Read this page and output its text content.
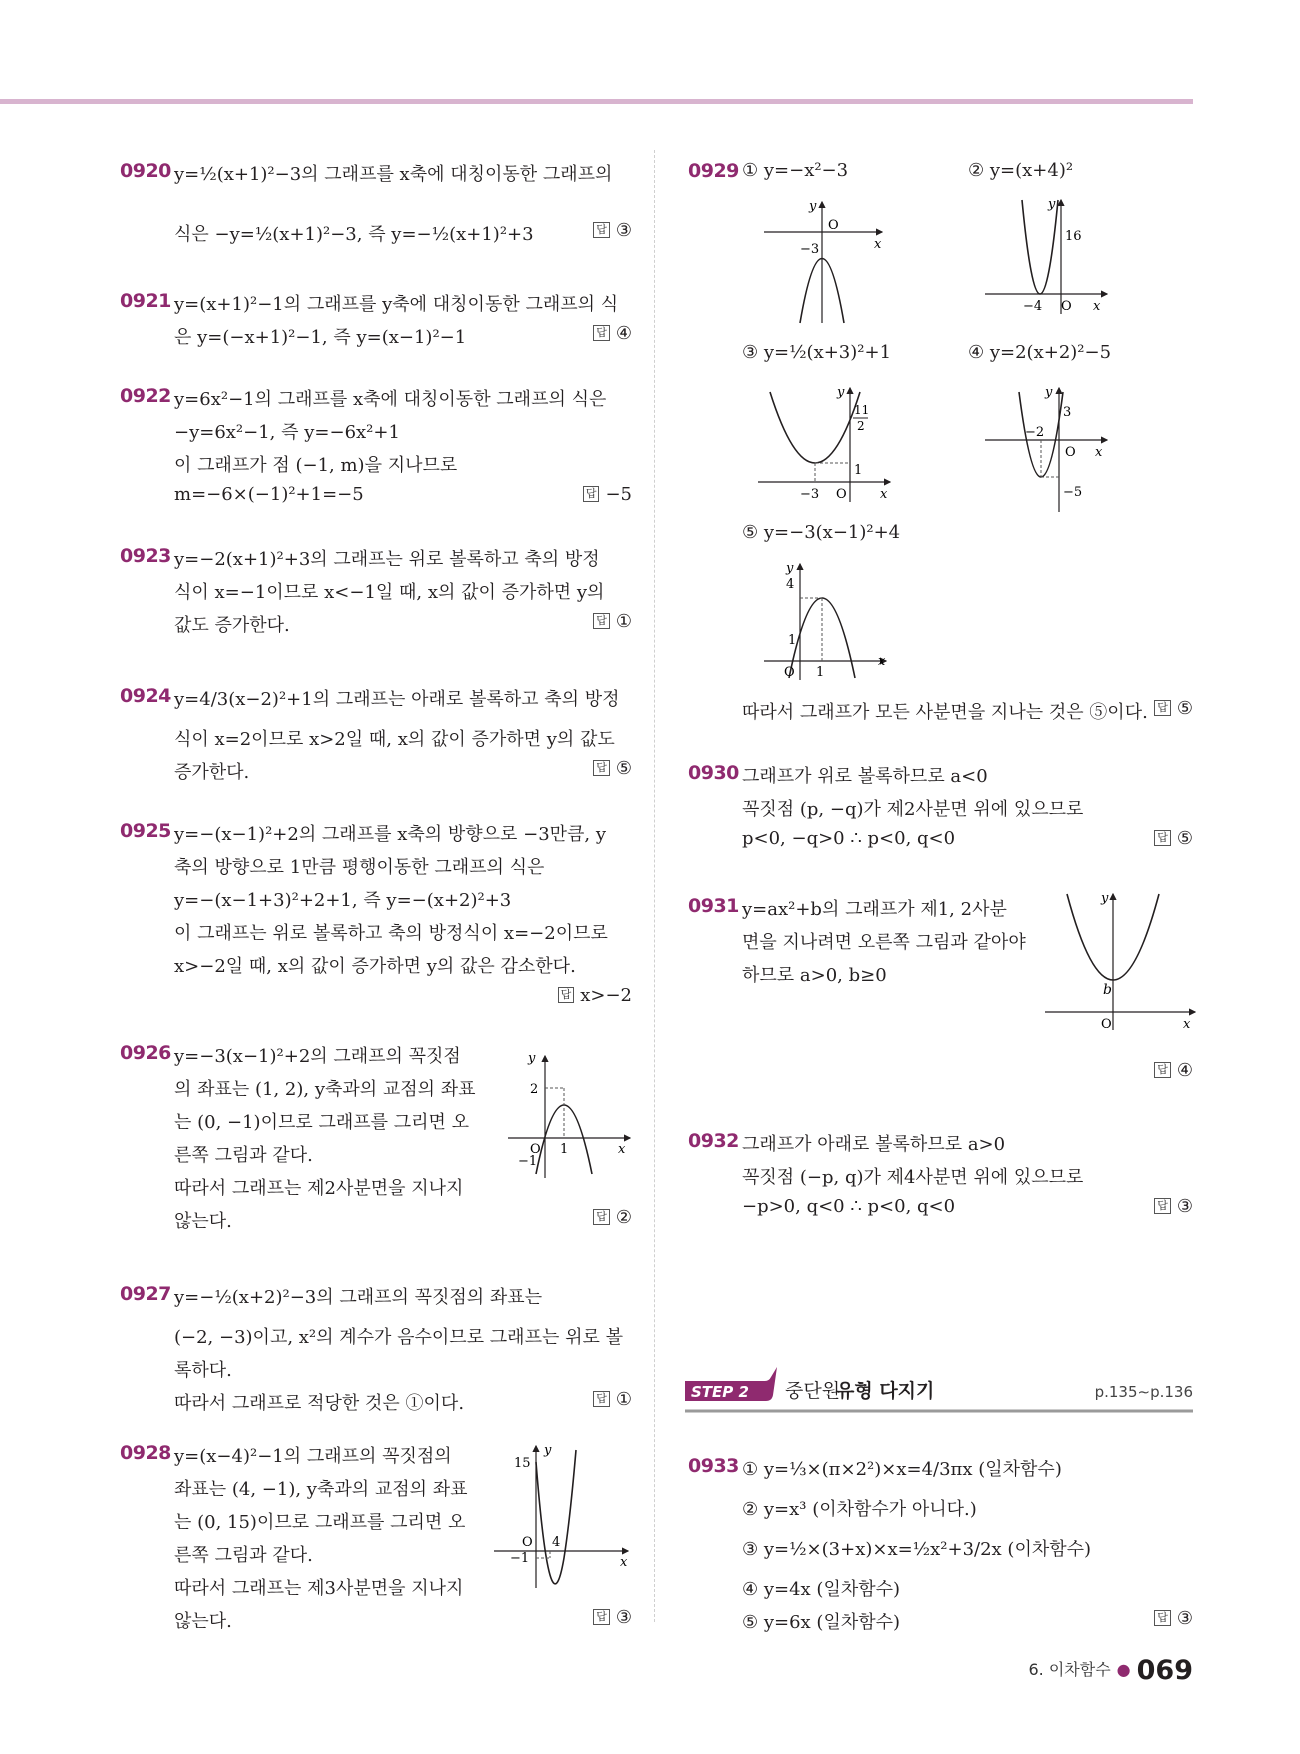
0920 y=½(x+1)²−3의 그래프를 x축에 대칭이동한 그래프의
식은 −y=½(x+1)²−3, 즉 y=−½(x+1)²+3	답 ③
0921 y=(x+1)²−1의 그래프를 y축에 대칭이동한 그래프의 식
은 y=(−x+1)²−1, 즉 y=(x−1)²−1	답 ④
0922 y=6x²−1의 그래프를 x축에 대칭이동한 그래프의 식은
−y=6x²−1, 즉 y=−6x²+1
이 그래프가 점 (−1, m)을 지나므로
m=−6×(−1)²+1=−5	답 −5
0923 y=−2(x+1)²+3의 그래프는 위로 볼록하고 축의 방정
식이 x=−1이므로 x<−1일 때, x의 값이 증가하면 y의
값도 증가한다.	답 ①
0924 y=4/3(x−2)²+1의 그래프는 아래로 볼록하고 축의 방정
식이 x=2이므로 x>2일 때, x의 값이 증가하면 y의 값도
증가한다.	답 ⑤
0925 y=−(x−1)²+2의 그래프를 x축의 방향으로 −3만큼, y
축의 방향으로 1만큼 평행이동한 그래프의 식은
y=−(x−1+3)²+2+1, 즉 y=−(x+2)²+3
이 그래프는 위로 볼록하고 축의 방정식이 x=−2이므로
x>−2일 때, x의 값이 증가하면 y의 값은 감소한다.
답 x>−2
0926 y=−3(x−1)²+2의 그래프의 꼭짓점
의 좌표는 (1, 2), y축과의 교점의 좌표
는 (0, −1)이므로 그래프를 그리면 오
른쪽 그림과 같다.
따라서 그래프는 제2사분면을 지나지
않는다.	답 ②
0927 y=−½(x+2)²−3의 그래프의 꼭짓점의 좌표는
(−2, −3)이고, x²의 계수가 음수이므로 그래프는 위로 볼
록하다.
따라서 그래프로 적당한 것은 ①이다.	답 ①
0928 y=(x−4)²−1의 그래프의 꼭짓점의
좌표는 (4, −1), y축과의 교점의 좌표
는 (0, 15)이므로 그래프를 그리면 오
른쪽 그림과 같다.
따라서 그래프는 제3사분면을 지나지
않는다.	답 ③
y
2
O 1
−1
x
y
15
O 4
−1	x
0929 ① y=−x²−3	② y=(x+4)²
③ y=½(x+3)²+1	④ y=2(x+2)²−5
⑤ y=−3(x−1)²+4
따라서 그래프가 모든 사분면을 지나는 것은 ⑤이다. 답 ⑤
0930 그래프가 위로 볼록하므로 a<0
꼭짓점 (p, −q)가 제2사분면 위에 있으므로
p<0, −q>0 ∴ p<0, q<0	답 ⑤
0931 y=ax²+b의 그래프가 제1, 2사분
면을 지나려면 오른쪽 그림과 같아야
하므로 a>0, b≥0
답 ④
0932 그래프가 아래로 볼록하므로 a>0
꼭짓점 (−p, q)가 제4사분면 위에 있으므로
−p>0, q<0 ∴ p<0, q<0	답 ③
0933 ① y=⅓×(π×2²)×x=4/3πx (일차함수)
② y=x³ (이차함수가 아니다.)
③ y=½×(3+x)×x=½x²+3/2x (이차함수)
④ y=4x (일차함수)
⑤ y=6x (일차함수)	답 ③
y
O
−3	x
y
16
−4 O x
y
11
2
1
−3 O	x
y
3
−2
O
−5
x
y
4
1
O 1
x
y
b
O	x
STEP 2 중단원
유형 다지기	p.135∼p.136
6. 이차함수 ● 069
